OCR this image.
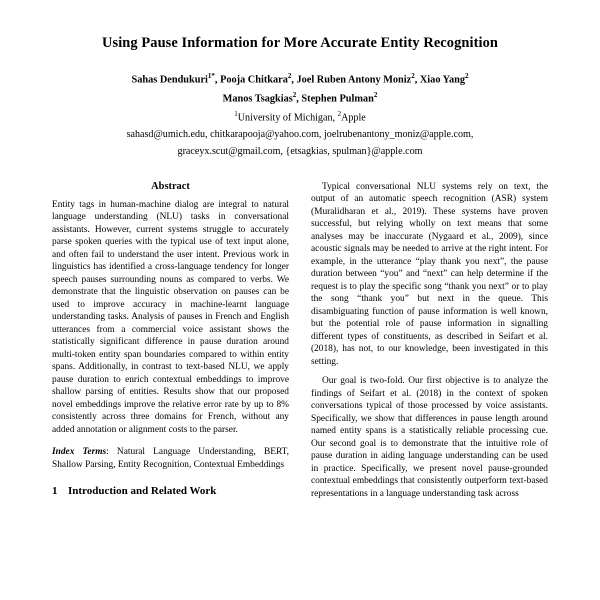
Using Pause Information for More Accurate Entity Recognition
Sahas Dendukuri$^{1*}$, Pooja Chitkara$^2$, Joel Ruben Antony Moniz$^2$, Xiao Yang$^2$
Manos Tsagkias$^2$, Stephen Pulman$^2$
$^1$University of Michigan, $^2$Apple
sahasd@umich.edu, chitkarapooja@yahoo.com, joelrubenantony_moniz@apple.com,
graceyx.scut@gmail.com, {etsagkias, spulman}@apple.com
Abstract

Entity tags in human-machine dialog are integral to natural language understanding (NLU) tasks in conversational assistants. However, current systems struggle to accurately parse spoken queries with the typical use of text input alone, and often fail to understand the user intent. Previous work in linguistics has identified a cross-language tendency for longer speech pauses surrounding nouns as compared to verbs. We demonstrate that the linguistic observation on pauses can be used to improve accuracy in machine-learnt language understanding tasks. Analysis of pauses in French and English utterances from a commercial voice assistant shows the statistically significant difference in pause duration around multi-token entity span boundaries compared to within entity spans. Additionally, in contrast to text-based NLU, we apply pause duration to enrich contextual embeddings to improve shallow parsing of entities. Results show that our proposed novel embeddings improve the relative error rate by up to 8% consistently across three domains for French, without any added annotation or alignment costs to the parser.

Index Terms: Natural Language Understanding, BERT, Shallow Parsing, Entity Recognition, Contextual Embeddings
1 Introduction and Related Work

Typical conversational NLU systems rely on text, the output of an automatic speech recognition (ASR) system (Muralidharan et al., 2019). These systems have proven successful, but relying wholly on text means that some analyses may be inaccurate (Nygaard et al., 2009), since acoustic signals may be needed to arrive at the right intent. For example, in the utterance “play thank you next”, the pause duration between “you” and “next” can help determine if the request is to play the specific song “thank you next” or to play the song “thank you” but next in the queue. This disambiguating function of pause information is well known, but the potential role of pause information in signalling different types of constituents, as described in Seifart et al. (2018), has not, to our knowledge, been investigated in this setting.

Our goal is two-fold. Our first objective is to analyze the findings of Seifart et al. (2018) in the context of spoken conversations typical of those processed by voice assistants. Specifically, we show that differences in pause length around named entity spans is a statistically reliable processing cue. Our second goal is to demonstrate that the intuitive role of pause duration in aiding language understanding can be used in practice. Specifically, we present novel pause-grounded contextual embeddings that consistently outperform text-based representations in a language understanding task across
